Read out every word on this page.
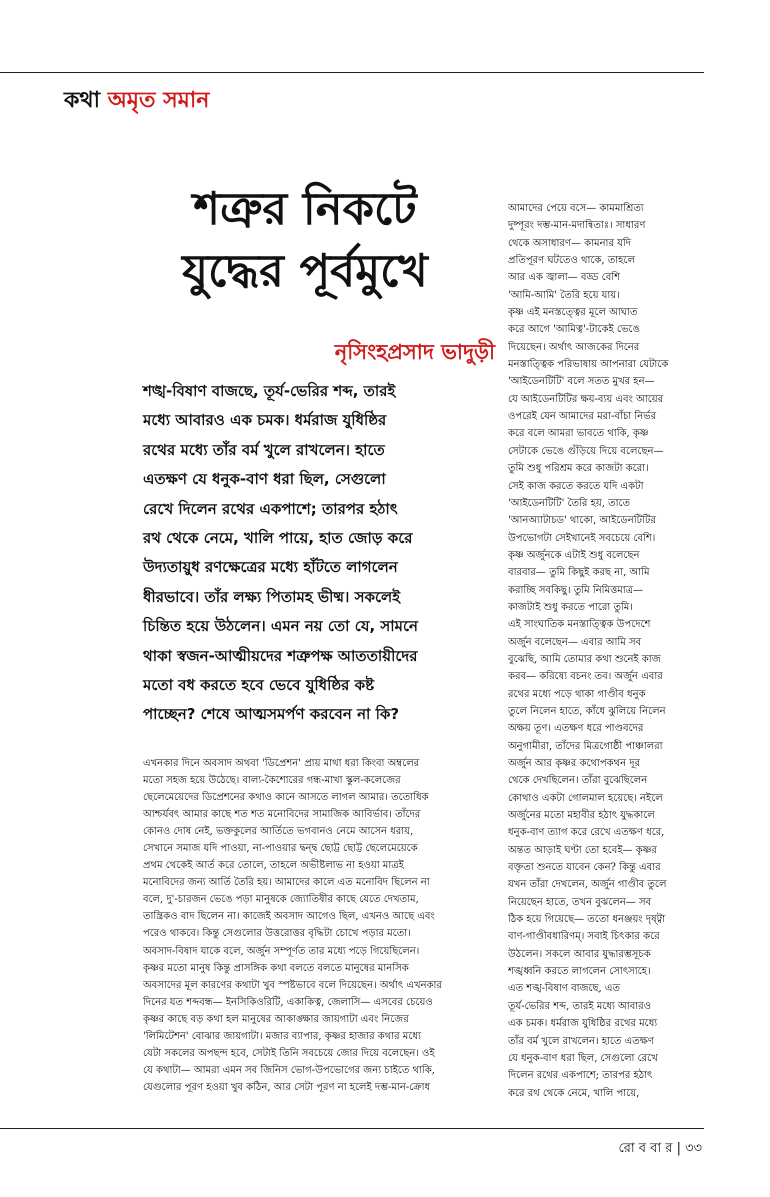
কথা অমৃত সমান
শত্রুর নিকটে
যুদ্ধের পূর্বমুখে
নৃসিংহপ্রসাদ ভাদুড়ী
শঙ্খ-বিষাণ বাজছে, তূর্য-ভেরির শব্দ, তারই
মধ্যে আবারও এক চমক। ধর্মরাজ যুধিষ্ঠির
রথের মধ্যে তাঁর বর্ম খুলে রাখলেন। হাতে
এতক্ষণ যে ধনুক-বাণ ধরা ছিল, সেগুলো
রেখে দিলেন রথের একপাশে; তারপর হঠাৎ
রথ থেকে নেমে, খালি পায়ে, হাত জোড় করে
উদ্যতায়ুধ রণক্ষেত্রের মধ্যে হাঁটতে লাগলেন
ধীরভাবে। তাঁর লক্ষ্য পিতামহ ভীষ্ম। সকলেই
চিন্তিত হয়ে উঠলেন। এমন নয় তো যে, সামনে
থাকা স্বজন-আত্মীয়দের শত্রুপক্ষ আততায়ীদের
মতো বধ করতে হবে ভেবে যুধিষ্ঠির কষ্ট
পাচ্ছেন? শেষে আত্মসমর্পণ করবেন না কি?
এখনকার দিনে অবসাদ অথবা 'ডিপ্রেশন' প্রায় মাথা ধরা কিংবা অম্বলের
মতো সহজ হয়ে উঠেছে। বাল্য-কৈশোরের গন্ধ-মাখা স্কুল-কলেজের
ছেলেমেয়েদের ডিপ্রেশনের কথাও কানে আসতে লাগল আমার। ততোধিক
আশ্চর্যবৎ আমার কাছে শত শত মনোবিদের সামাজিক আবির্ভাব। তাঁদের
কোনও দোষ নেই, ভক্তকুলের আর্তিতে ভগবানও নেমে আসেন ধরায়,
সেখানে সমাজ যদি পাওয়া, না-পাওয়ার দ্বন্দ্ব ছোট্ট ছোট্ট ছেলেমেয়েকে
প্রথম থেকেই আর্ত করে তোলে, তাহলে অভীষ্টলাভ না হওয়া মাত্রই
মনোবিদের জন্য আর্তি তৈরি হয়। আমাদের কালে এত মনোবিদ ছিলেন না
বলে, দু'-চারজন ভেঙে পড়া মানুষকে জ্যোতিষীর কাছে যেতে দেখতাম,
তান্ত্রিকও বাদ ছিলেন না। কাজেই অবসাদ আগেও ছিল, এখনও আছে এবং
পরেও থাকবে। কিন্তু সেগুলোর উত্তরোত্তর বৃদ্ধিটা চোখে পড়ার মতো।
অবসাদ-বিষাদ যাকে বলে, অর্জুন সম্পূর্ণত তার মধ্যে পড়ে গিয়েছিলেন।
কৃষ্ণর মতো মানুষ কিন্তু প্রাসঙ্গিক কথা বলতে বলতে মানুষের মানসিক
অবসাদের মূল কারণের কথাটা খুব স্পষ্টভাবে বলে দিয়েছেন। অর্থাৎ এখনকার
দিনের যত শব্দবন্ধ— ইনসিকিওরিটি, একাকিত্ব, জেলাসি— এসবের চেয়েও
কৃষ্ণর কাছে বড় কথা হল মানুষের আকাঙ্ক্ষার জায়গাটা এবং নিজের
'লিমিটেশন' বোঝার জায়গাটা। মজার ব্যাপার, কৃষ্ণর হাজার কথার মধ্যে
যেটা সকলের অপছন্দ হবে, সেটাই তিনি সবচেয়ে জোর দিয়ে বলেছেন। ওই
যে কথাটা— আমরা এমন সব জিনিস ভোগ-উপভোগের জন্য চাইতে থাকি,
যেগুলোর পূরণ হওয়া খুব কঠিন, আর সেটা পূরণ না হলেই দম্ভ-মান-ক্রোধ
আমাদের পেয়ে বসে— কামমাশ্রিত্য
দুষ্পূরং দম্ভ-মান-মদান্বিতাঃ। সাধারণ
থেকে অসাধারণ— কামনার যদি
প্রতিপূরণ ঘটতেও থাকে, তাহলে
আর এক জ্বালা— বড্ড বেশি
'আমি-আমি' তৈরি হয়ে যায়।
কৃষ্ণ এই মনস্তত্ত্বের মূলে আঘাত
করে আগে 'আমিত্ব'-টাকেই ভেঙে
দিয়েছেন। অর্থাৎ আজকের দিনের
মনস্তাত্ত্বিক পরিভাষায় আপনারা যেটাকে
'আইডেনটিটি' বলে সতত মুখর হন—
যে আইডেনটিটির ক্ষয়-ব্যয় এবং আয়ের
ওপরেই যেন আমাদের মরা-বাঁচা নির্ভর
করে বলে আমরা ভাবতে থাকি, কৃষ্ণ
সেটাকে ভেঙে গুঁড়িয়ে দিয়ে বলেছেন—
তুমি শুধু পরিশ্রম করে কাজটা করো।
সেই কাজ করতে করতে যদি একটা
'আইডেনটিটি' তৈরি হয়, তাতে
'আনঅ্যাটাচড' থাকো, আইডেনটিটির
উপভোগটা সেইখানেই সবচেয়ে বেশি।
কৃষ্ণ অর্জুনকে এটাই শুধু বলেছেন
বারবার— তুমি কিছুই করছ না, আমি
করাচ্ছি সবকিছু। তুমি নিমিত্তমাত্র—
কাজটাই শুধু করতে পারো তুমি।
এই সাংঘাতিক মনস্তাত্ত্বিক উপদেশে
অর্জুন বলেছেন— এবার আমি সব
বুঝেছি, আমি তোমার কথা শুনেই কাজ
করব— করিষ্যে বচনং তব। অর্জুন এবার
রথের মধ্যে পড়ে থাকা গাণ্ডীব ধনুক
তুলে নিলেন হাতে, কাঁধে ঝুলিয়ে নিলেন
অক্ষয় তূণ। এতক্ষণ ধরে পাণ্ডবদের
অনুগামীরা, তাঁদের মিত্রগোষ্ঠী পাঞ্চালরা
অর্জুন আর কৃষ্ণর কথোপকথন দূর
থেকে দেখছিলেন। তাঁরা বুঝেছিলেন
কোথাও একটা গোলমাল হয়েছে। নইলে
অর্জুনের মতো মহাবীর হঠাৎ যুদ্ধকালে
ধনুক-বাণ ত্যাগ করে রেখে এতক্ষণ ধরে,
অন্তত আড়াই ঘণ্টা তো হবেই— কৃষ্ণর
বক্তৃতা শুনতে যাবেন কেন? কিন্তু এবার
যখন তাঁরা দেখলেন, অর্জুন গাণ্ডীব তুলে
নিয়েছেন হাতে, তখন বুঝলেন— সব
ঠিক হয়ে গিয়েছে— ততো ধনঞ্জয়ং দৃষ্ট্বা
বাণ-গাণ্ডীবধারিণম্‌। সবাই চিৎকার করে
উঠলেন। সকলে আবার যুদ্ধারম্ভসূচক
শঙ্খধ্বনি করতে লাগলেন সোৎসাহে।
এত শঙ্খ-বিষাণ বাজছে, এত
তূর্য-ভেরির শব্দ, তারই মধ্যে আবারও
এক চমক। ধর্মরাজ যুধিষ্ঠির রথের মধ্যে
তাঁর বর্ম খুলে রাখলেন। হাতে এতক্ষণ
যে ধনুক-বাণ ধরা ছিল, সেগুলো রেখে
দিলেন রথের একপাশে; তারপর হঠাৎ
করে রথ থেকে নেমে, খালি পায়ে,
রো ব বা র | ৩৩
